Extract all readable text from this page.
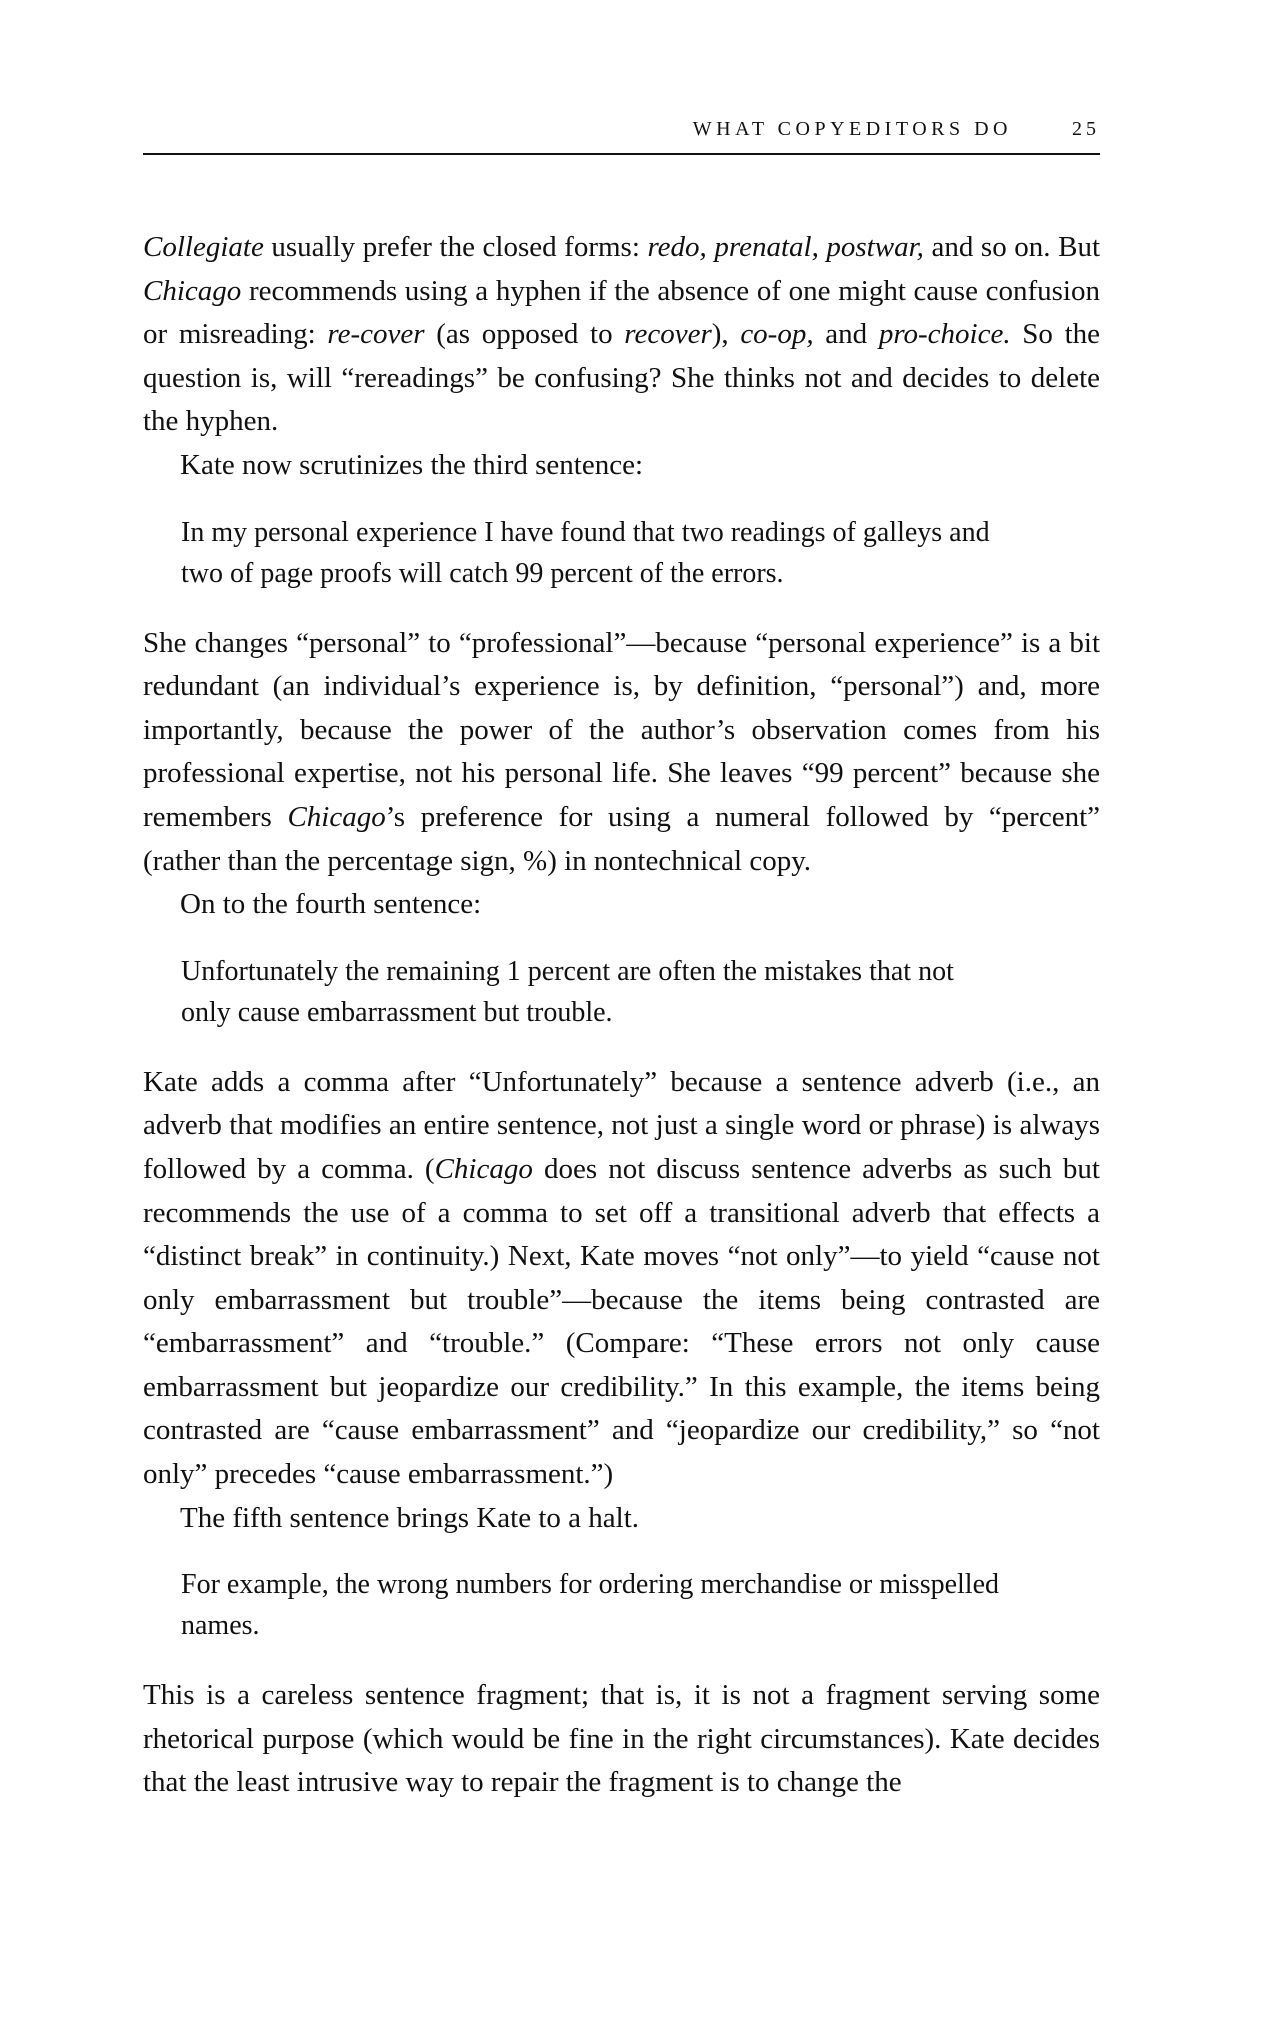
WHAT COPYEDITORS DO	25

Collegiate usually prefer the closed forms: redo, prenatal, postwar, and so on. But Chicago recommends using a hyphen if the absence of one might cause confusion or misreading: re-cover (as opposed to recover), co-op, and pro-choice. So the question is, will “rereadings” be confusing? She thinks not and decides to delete the hyphen.

Kate now scrutinizes the third sentence:

In my personal experience I have found that two readings of galleys and two of page proofs will catch 99 percent of the errors.

She changes “personal” to “professional”—because “personal experience” is a bit redundant (an individual’s experience is, by definition, “personal”) and, more importantly, because the power of the author’s observation comes from his professional expertise, not his personal life. She leaves “99 percent” because she remembers Chicago’s preference for using a numeral followed by “percent” (rather than the percentage sign, %) in nontechnical copy.

On to the fourth sentence:

Unfortunately the remaining 1 percent are often the mistakes that not only cause embarrassment but trouble.

Kate adds a comma after “Unfortunately” because a sentence adverb (i.e., an adverb that modifies an entire sentence, not just a single word or phrase) is always followed by a comma. (Chicago does not discuss sentence adverbs as such but recommends the use of a comma to set off a transitional adverb that effects a “distinct break” in continuity.) Next, Kate moves “not only”—to yield “cause not only embarrassment but trouble”—because the items being contrasted are “embarrassment” and “trouble.” (Compare: “These errors not only cause embarrassment but jeopardize our credibility.” In this example, the items being contrasted are “cause embarrassment” and “jeopardize our credibility,” so “not only” precedes “cause embarrassment.”)

The fifth sentence brings Kate to a halt.

For example, the wrong numbers for ordering merchandise or misspelled names.

This is a careless sentence fragment; that is, it is not a fragment serving some rhetorical purpose (which would be fine in the right circumstances). Kate decides that the least intrusive way to repair the fragment is to change the
